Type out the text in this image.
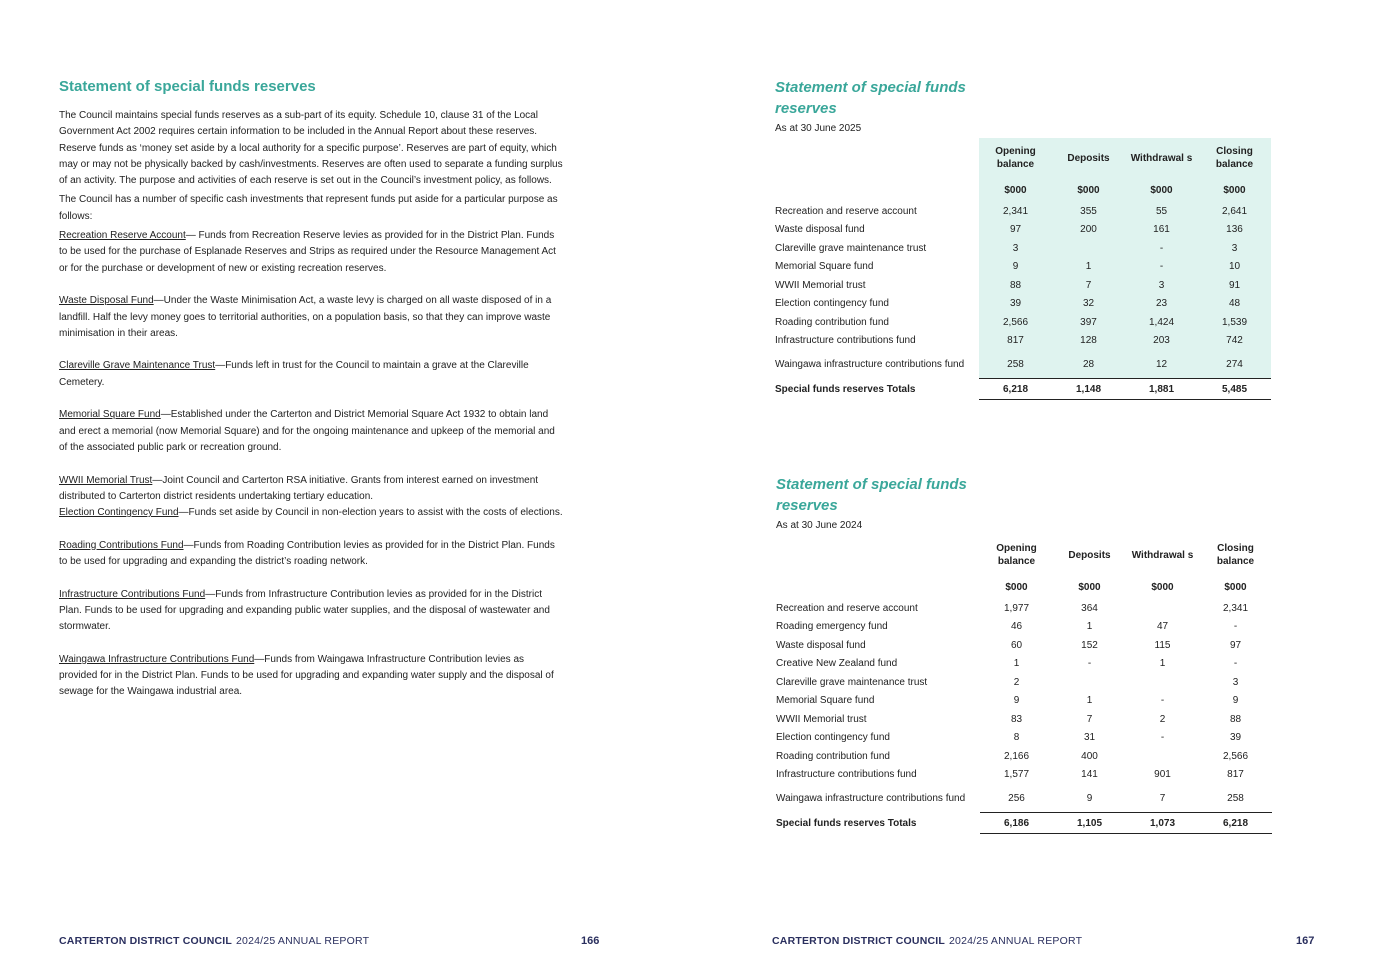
Statement of special funds reserves

The Council maintains special funds reserves as a sub-part of its equity. Schedule 10, clause 31 of the Local Government Act 2002 requires certain information to be included in the Annual Report about these reserves. Reserve funds as ‘money set aside by a local authority for a specific purpose’. Reserves are part of equity, which may or may not be physically backed by cash/investments. Reserves are often used to separate a funding surplus of an activity. The purpose and activities of each reserve is set out in the Council’s investment policy, as follows.

The Council has a number of specific cash investments that represent funds put aside for a particular purpose as follows:

Recreation Reserve Account— Funds from Recreation Reserve levies as provided for in the District Plan. Funds to be used for the purchase of Esplanade Reserves and Strips as required under the Resource Management Act or for the purchase or development of new or existing recreation reserves.

Waste Disposal Fund—Under the Waste Minimisation Act, a waste levy is charged on all waste disposed of in a landfill. Half the levy money goes to territorial authorities, on a population basis, so that they can improve waste minimisation in their areas.

Clareville Grave Maintenance Trust—Funds left in trust for the Council to maintain a grave at the Clareville Cemetery.

Memorial Square Fund—Established under the Carterton and District Memorial Square Act 1932 to obtain land and erect a memorial (now Memorial Square) and for the ongoing maintenance and upkeep of the memorial and of the associated public park or recreation ground.

WWII Memorial Trust—Joint Council and Carterton RSA initiative. Grants from interest earned on investment distributed to Carterton district residents undertaking tertiary education.

Election Contingency Fund—Funds set aside by Council in non-election years to assist with the costs of elections.

Roading Contributions Fund—Funds from Roading Contribution levies as provided for in the District Plan. Funds to be used for upgrading and expanding the district’s roading network.

Infrastructure Contributions Fund—Funds from Infrastructure Contribution levies as provided for in the District Plan. Funds to be used for upgrading and expanding public water supplies, and the disposal of wastewater and stormwater.

Waingawa Infrastructure Contributions Fund—Funds from Waingawa Infrastructure Contribution levies as provided for in the District Plan. Funds to be used for upgrading and expanding water supply and the disposal of sewage for the Waingawa industrial area.

CARTERTON DISTRICT COUNCIL 2024/25 ANNUAL REPORT	166
Statement of special funds reserves
As at 30 June 2025
	Opening balance	Deposits	Withdrawal s	Closing balance
	$000	$000	$000	$000
Recreation and reserve account	2,341	355	55	2,641
Waste disposal fund	97	200	161	136
Clareville grave maintenance trust	3		-	3
Memorial Square fund	9	1	-	10
WWII Memorial trust	88	7	3	91
Election contingency fund	39	32	23	48
Roading contribution fund	2,566	397	1,424	1,539
Infrastructure contributions fund	817	128	203	742
Waingawa infrastructure contributions fund	258	28	12	274
Special funds reserves Totals	6,218	1,148	1,881	5,485
Statement of special funds reserves
As at 30 June 2024
	Opening balance	Deposits	Withdrawal s	Closing balance
	$000	$000	$000	$000
Recreation and reserve account	1,977	364		2,341
Roading emergency fund	46	1	47	-
Waste disposal fund	60	152	115	97
Creative New Zealand fund	1	-	1	-
Clareville grave maintenance trust	2			3
Memorial Square fund	9	1	-	9
WWII Memorial trust	83	7	2	88
Election contingency fund	8	31	-	39
Roading contribution fund	2,166	400		2,566
Infrastructure contributions fund	1,577	141	901	817
Waingawa infrastructure contributions fund	256	9	7	258
Special funds reserves Totals	6,186	1,105	1,073	6,218
CARTERTON DISTRICT COUNCIL 2024/25 ANNUAL REPORT	167
